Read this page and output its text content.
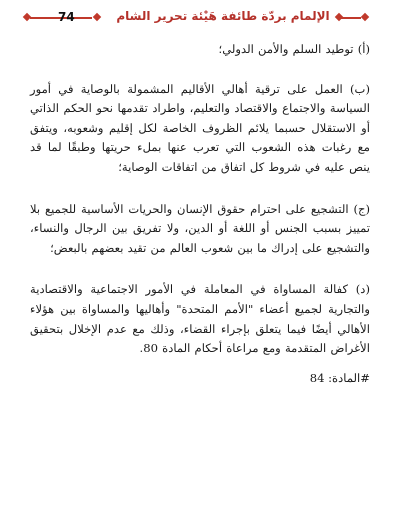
74	الإلمام بردّة طائفة هَيْئة تحرير الشام

(أ) توطيد السلم والأمن الدولي؛

(ب) العمل على ترقية أهالي الأقاليم المشمولة بالوصاية في أمور السياسة والاجتماع والاقتصاد والتعليم، واطراد تقدمها نحو الحكم الذاتي أو الاستقلال حسبما يلائم الظروف الخاصة لكل إقليم وشعوبه، ويتفق مع رغبات هذه الشعوب التي تعرب عنها بملء حريتها وطبقًا لما قد ينص عليه في شروط كل اتفاق من اتفاقات الوصاية؛

(ج) التشجيع على احترام حقوق الإنسان والحريات الأساسية للجميع بلا تمييز بسبب الجنس أو اللغة أو الدين، ولا تفريق بين الرجال والنساء، والتشجيع على إدراك ما بين شعوب العالم من تقيد بعضهم بالبعض؛

(د) كفالة المساواة في المعاملة في الأمور الاجتماعية والاقتصادية والتجارية لجميع أعضاء "الأمم المتحدة" وأهاليها والمساواة بين هؤلاء الأهالي أيضًا فيما يتعلق بإجراء القضاء، وذلك مع عدم الإخلال بتحقيق الأغراض المتقدمة ومع مراعاة أحكام المادة 80.

#المادة: 84
